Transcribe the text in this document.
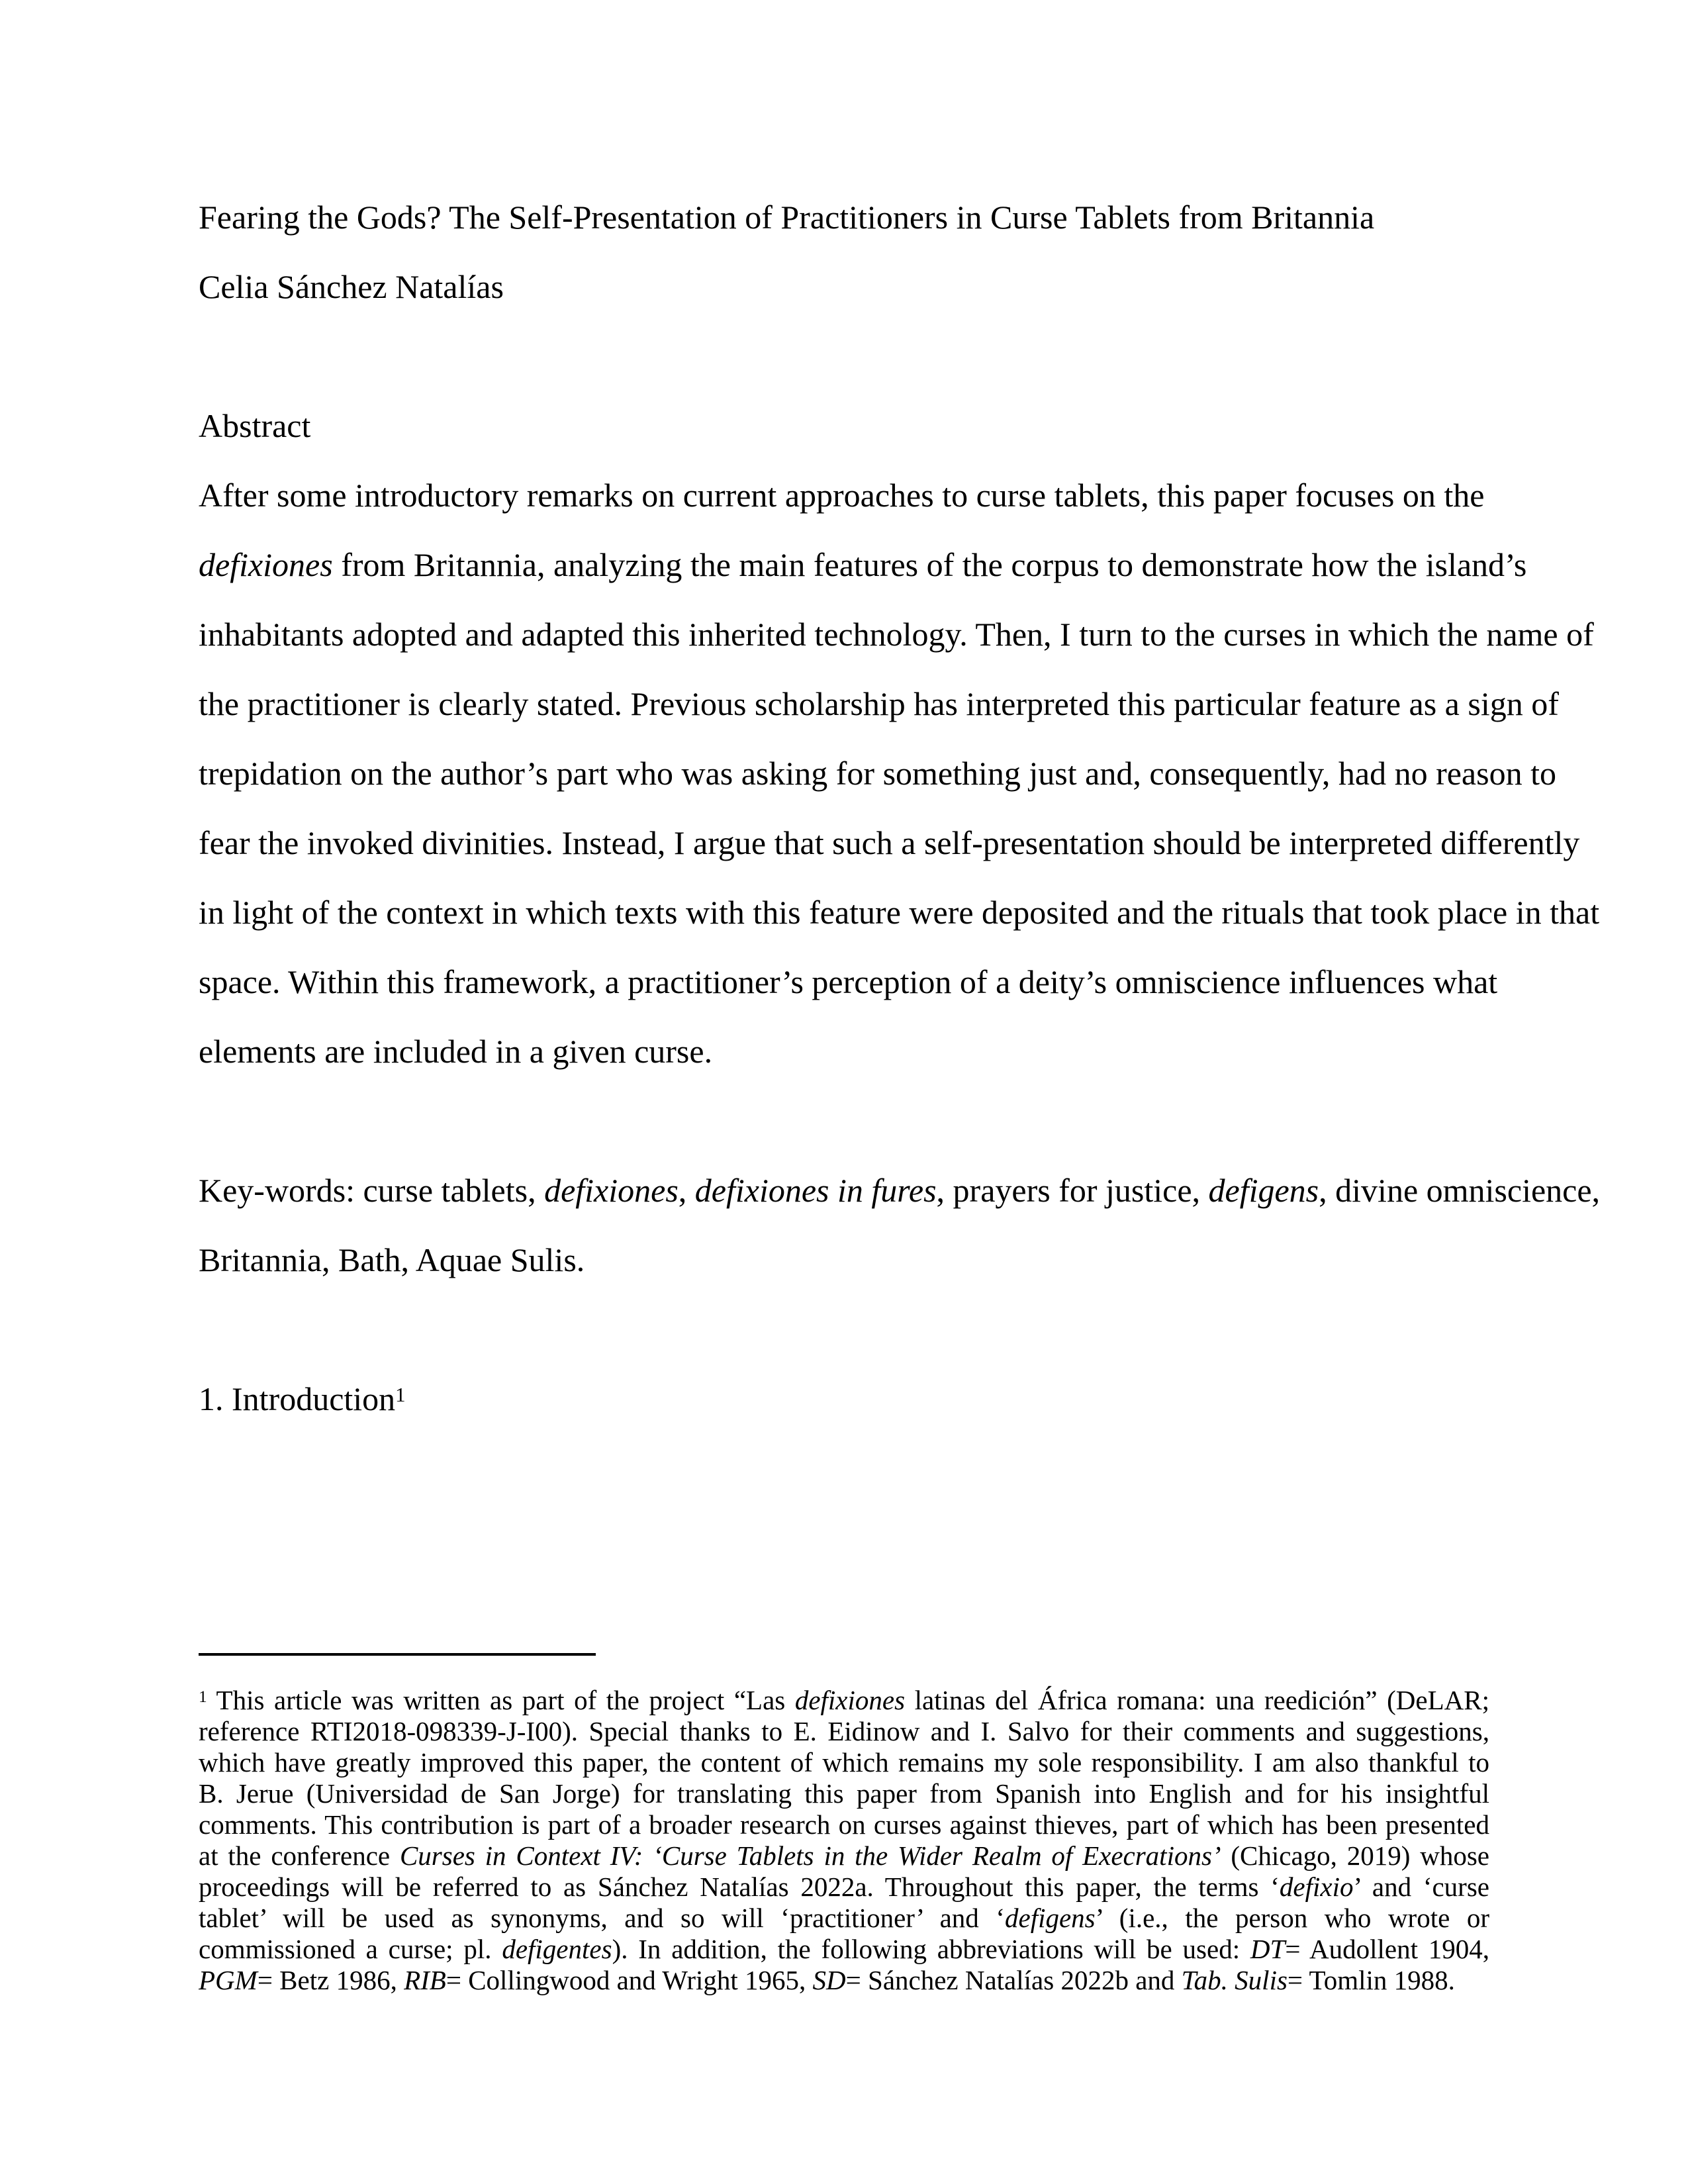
Fearing the Gods? The Self-Presentation of Practitioners in Curse Tablets from Britannia
Celia Sánchez Natalías
Abstract
After some introductory remarks on current approaches to curse tablets, this paper focuses on the
defixiones from Britannia, analyzing the main features of the corpus to demonstrate how the island’s
inhabitants adopted and adapted this inherited technology. Then, I turn to the curses in which the name of
the practitioner is clearly stated. Previous scholarship has interpreted this particular feature as a sign of
trepidation on the author’s part who was asking for something just and, consequently, had no reason to
fear the invoked divinities. Instead, I argue that such a self-presentation should be interpreted differently
in light of the context in which texts with this feature were deposited and the rituals that took place in that
space. Within this framework, a practitioner’s perception of a deity’s omniscience influences what
elements are included in a given curse.
Key-words: curse tablets, defixiones, defixiones in fures, prayers for justice, defigens, divine omniscience,
Britannia, Bath, Aquae Sulis.
1. Introduction$^1$
$^1$ This article was written as part of the project “Las defixiones latinas del África romana: una reedición” (DeLAR;
reference RTI2018-098339-J-I00). Special thanks to E. Eidinow and I. Salvo for their comments and suggestions,
which have greatly improved this paper, the content of which remains my sole responsibility. I am also thankful to
B. Jerue (Universidad de San Jorge) for translating this paper from Spanish into English and for his insightful
comments. This contribution is part of a broader research on curses against thieves, part of which has been presented
at the conference Curses in Context IV: ‘Curse Tablets in the Wider Realm of Execrations’ (Chicago, 2019) whose
proceedings will be referred to as Sánchez Natalías 2022a. Throughout this paper, the terms ‘defixio’ and ‘curse
tablet’ will be used as synonyms, and so will ‘practitioner’ and ‘defigens’ (i.e., the person who wrote or
commissioned a curse; pl. defigentes). In addition, the following abbreviations will be used: DT= Audollent 1904,
PGM= Betz 1986, RIB= Collingwood and Wright 1965, SD= Sánchez Natalías 2022b and Tab. Sulis= Tomlin 1988.
